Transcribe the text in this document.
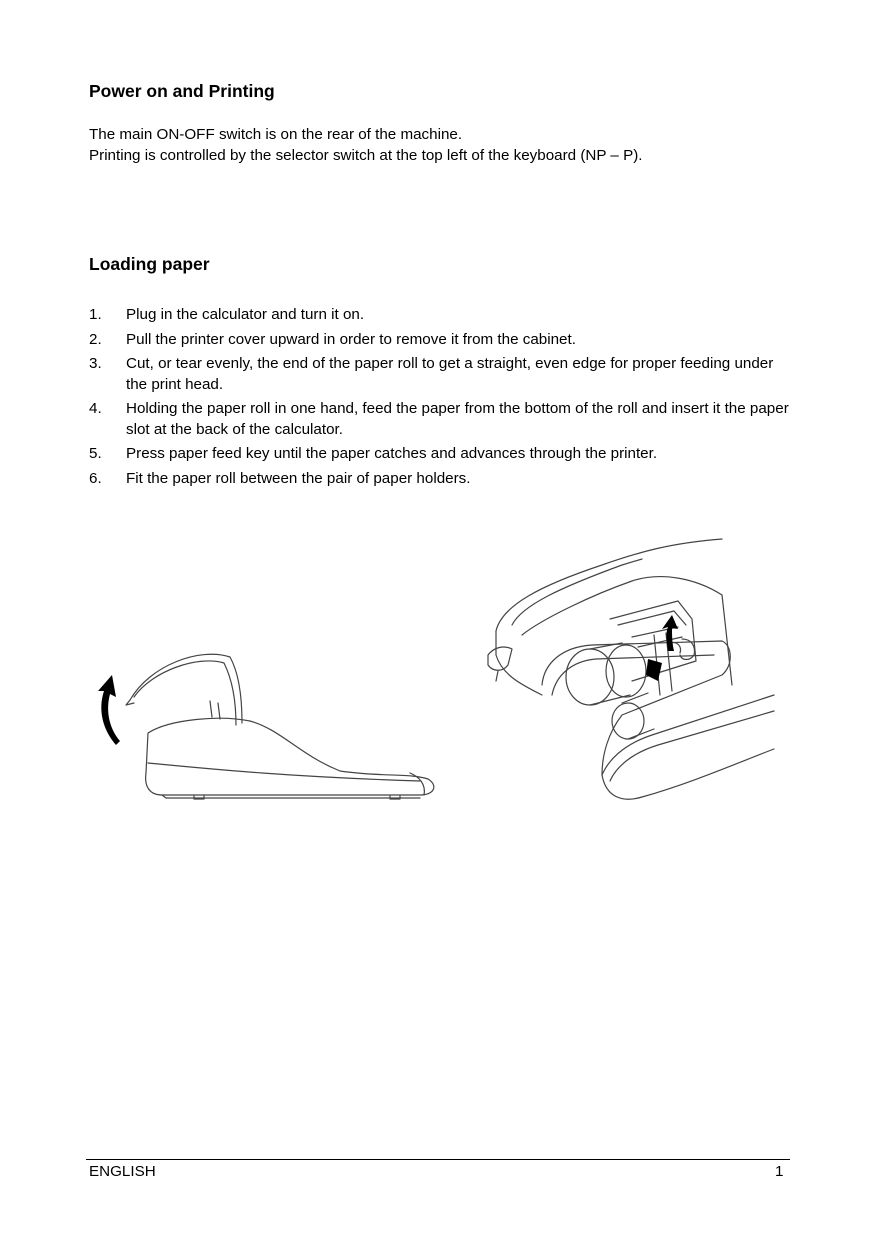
Power on and Printing

The main ON-OFF switch is on the rear of the machine.

Printing is controlled by the selector switch at the top left of the keyboard (NP – P).

Loading paper
1.	Plug in the calculator and turn it on.
2.	Pull the printer cover upward in order to remove it from the cabinet.
3.	Cut, or tear evenly, the end of the paper roll to get a straight, even edge for proper feeding under the print head.
4.	Holding the paper roll in one hand, feed the paper from the bottom of the roll and insert it the paper slot at the back of the calculator.
5.	Press paper feed key until the paper catches and advances through the printer.
6.	Fit the paper roll between the pair of paper holders.
ENGLISH	1
